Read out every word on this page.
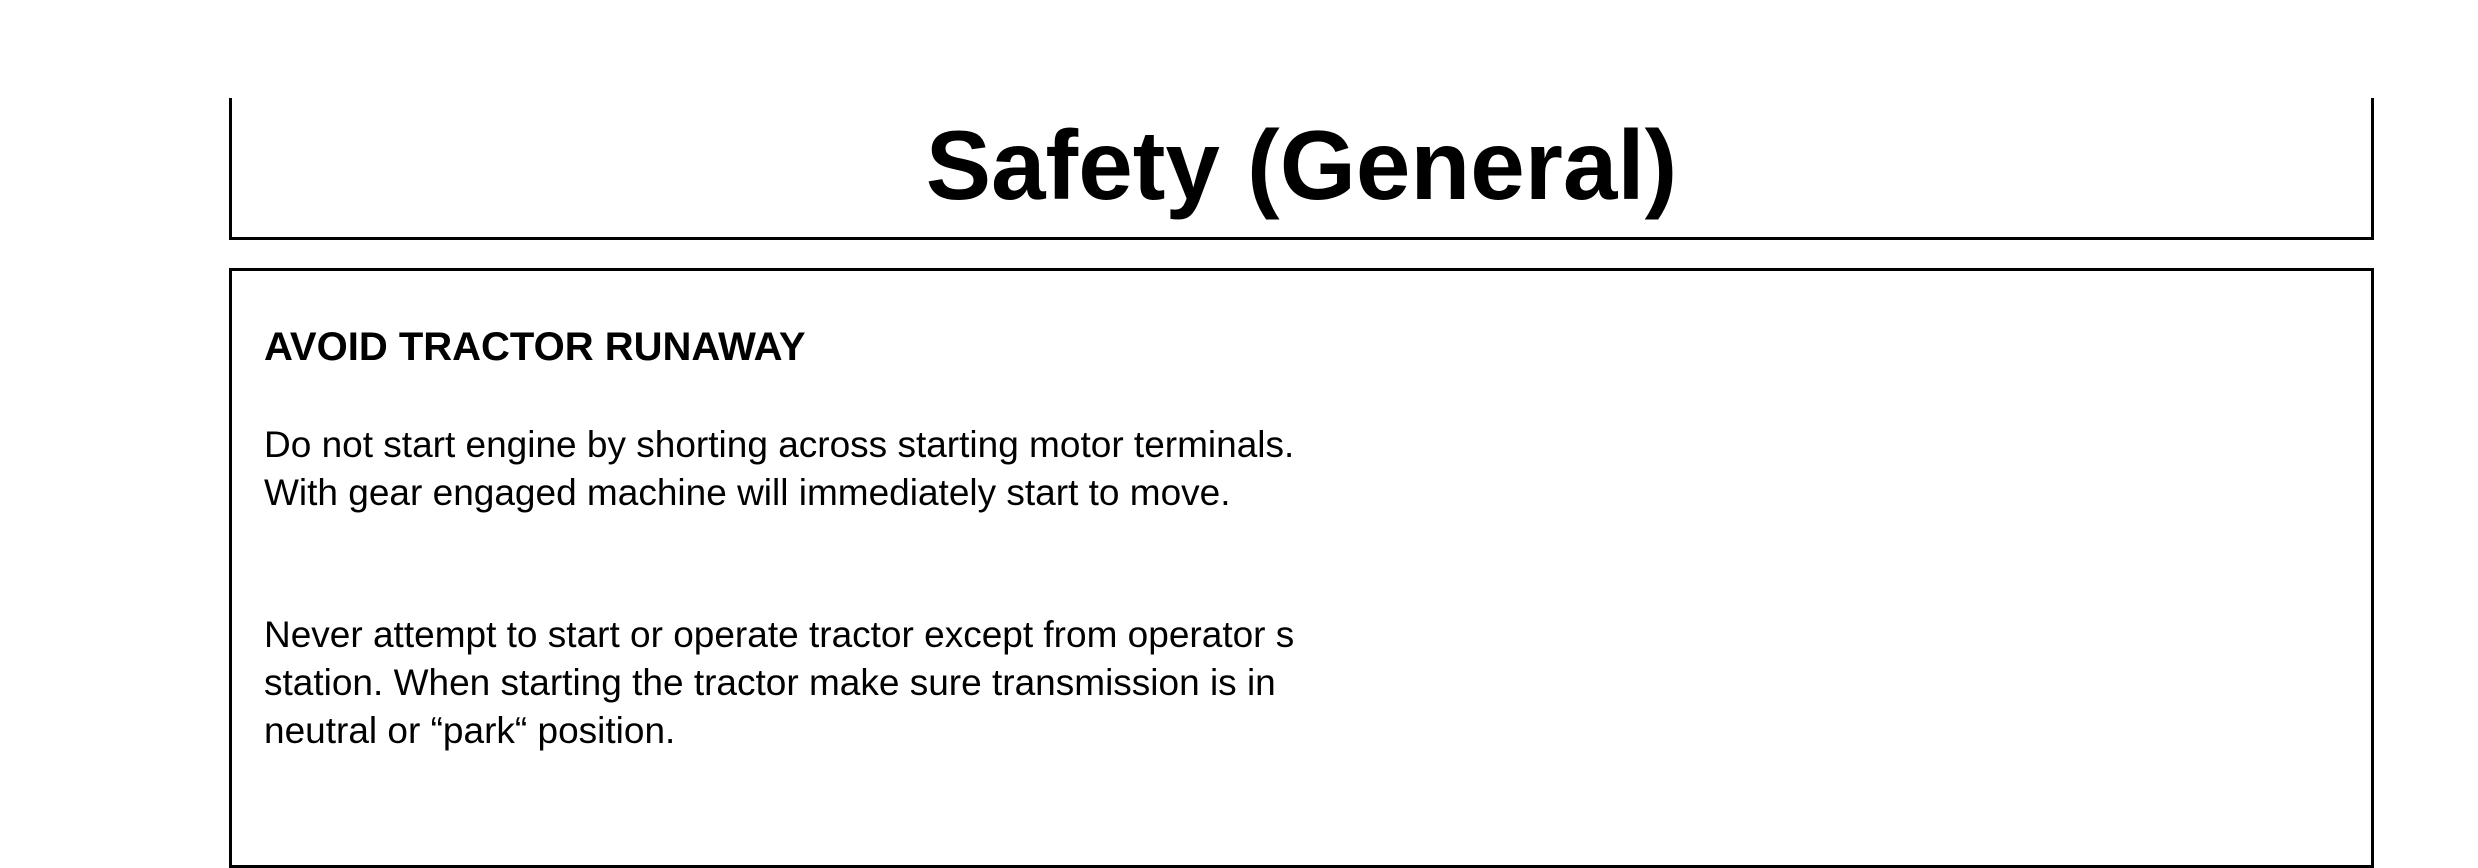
Safety (General)
AVOID TRACTOR RUNAWAY

Do not start engine by shorting across starting motor terminals. With gear engaged machine will immediately start to move.

Never attempt to start or operate tractor except from operator s station. When starting the tractor make sure transmission is in neutral or “park“ position.
